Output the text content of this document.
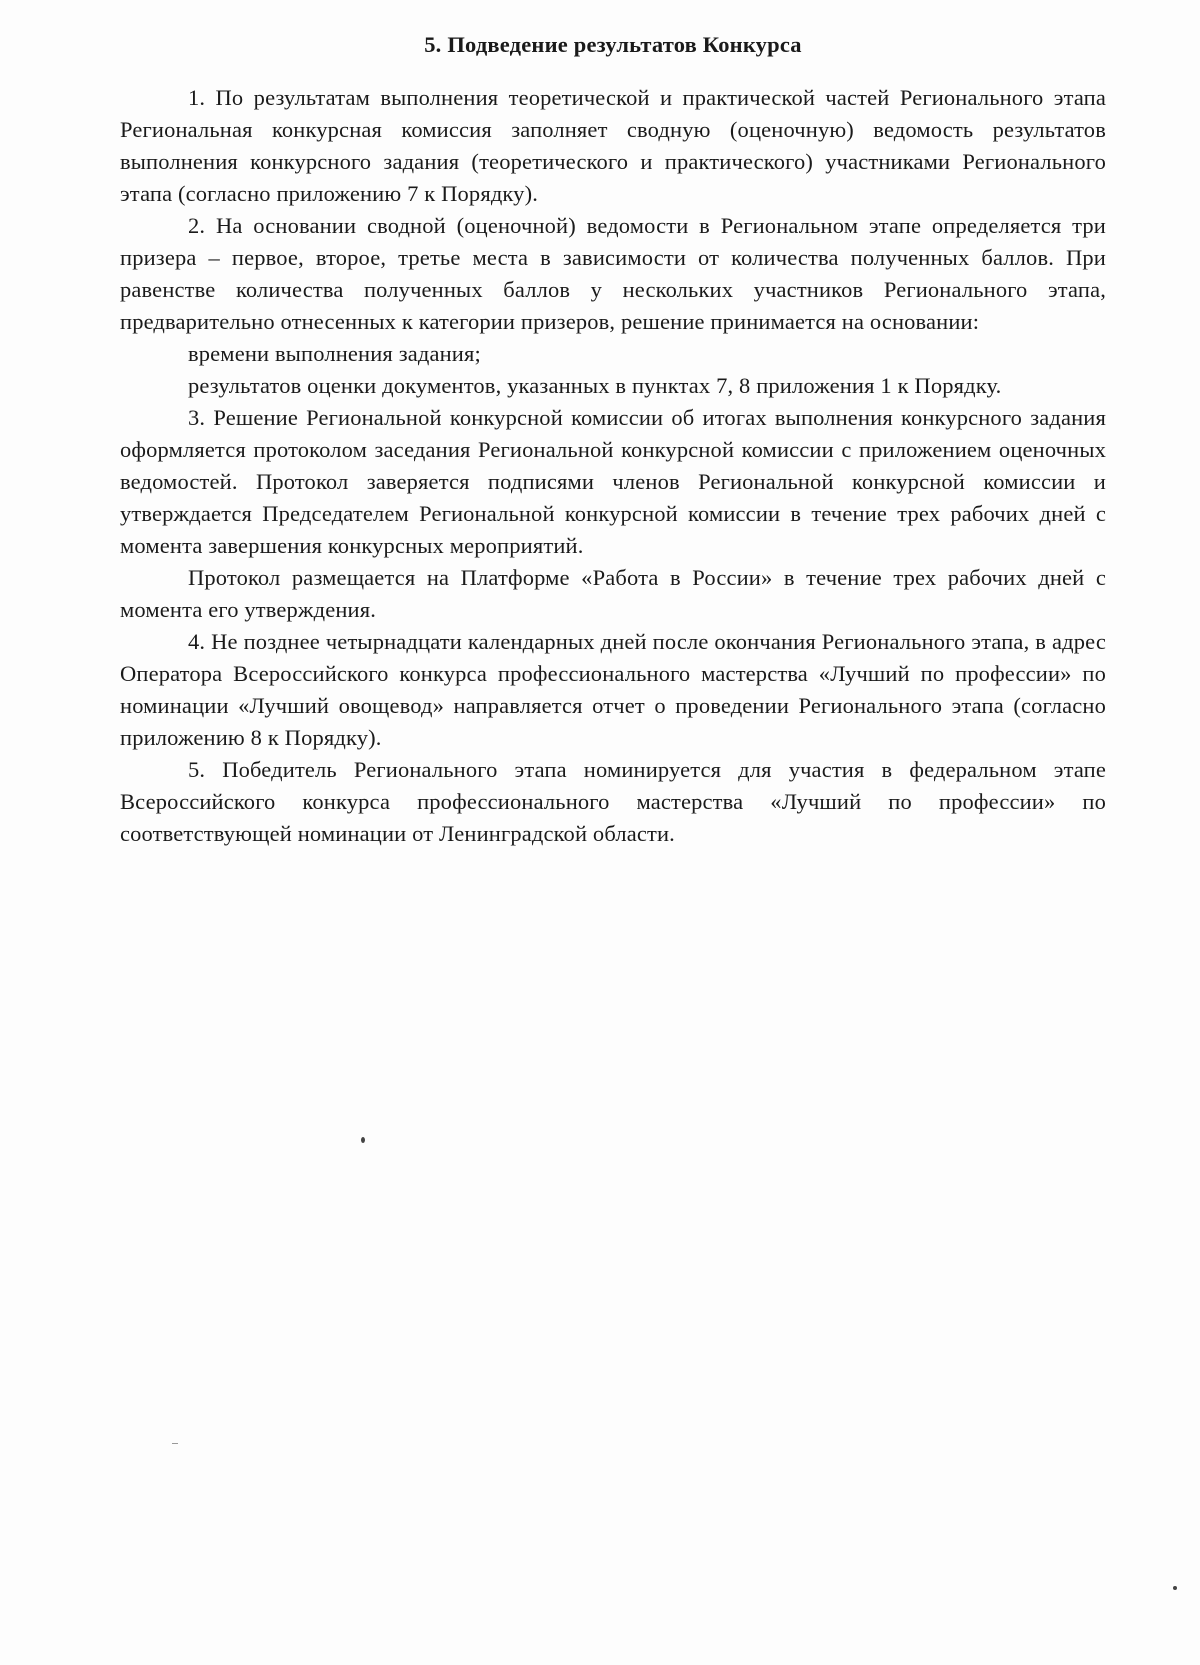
5. Подведение результатов Конкурса

1. По результатам выполнения теоретической и практической частей Регионального этапа Региональная конкурсная комиссия заполняет сводную (оценочную) ведомость результатов выполнения конкурсного задания (теоретического и практического) участниками Регионального этапа (согласно приложению 7 к Порядку).

2. На основании сводной (оценочной) ведомости в Региональном этапе определяется три призера – первое, второе, третье места в зависимости от количества полученных баллов. При равенстве количества полученных баллов у нескольких участников Регионального этапа, предварительно отнесенных к категории призеров, решение принимается на основании:

времени выполнения задания;

результатов оценки документов, указанных в пунктах 7, 8 приложения 1 к Порядку.

3. Решение Региональной конкурсной комиссии об итогах выполнения конкурсного задания оформляется протоколом заседания Региональной конкурсной комиссии с приложением оценочных ведомостей. Протокол заверяется подписями членов Региональной конкурсной комиссии и утверждается Председателем Региональной конкурсной комиссии в течение трех рабочих дней с момента завершения конкурсных мероприятий.

Протокол размещается на Платформе «Работа в России» в течение трех рабочих дней с момента его утверждения.

4. Не позднее четырнадцати календарных дней после окончания Регионального этапа, в адрес Оператора Всероссийского конкурса профессионального мастерства «Лучший по профессии» по номинации «Лучший овощевод» направляется отчет о проведении Регионального этапа (согласно приложению 8 к Порядку).

5. Победитель Регионального этапа номинируется для участия в федеральном этапе Всероссийского конкурса профессионального мастерства «Лучший по профессии» по соответствующей номинации от Ленинградской области.
